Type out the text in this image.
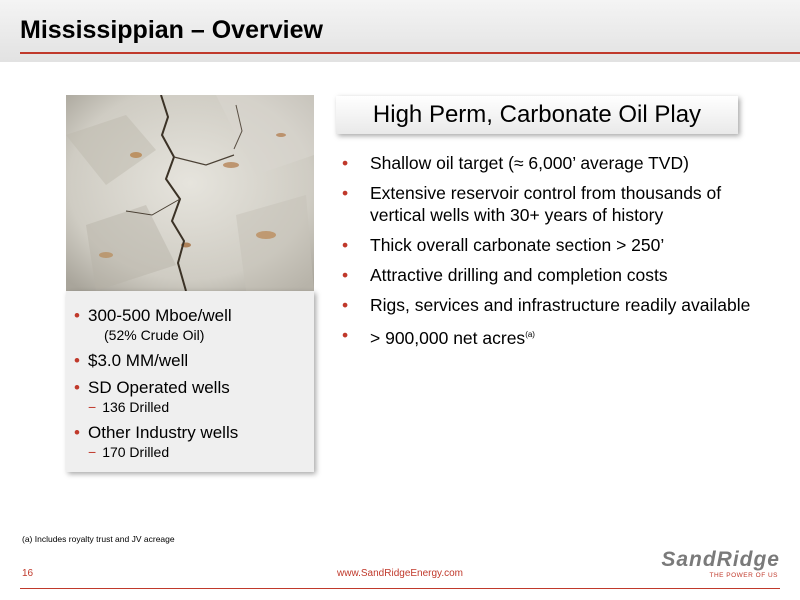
Mississippian – Overview
• 300-500 Mboe/well
(52% Crude Oil)
• $3.0 MM/well
• SD Operated wells
− 136 Drilled
• Other Industry wells
− 170 Drilled
High Perm, Carbonate Oil Play
• Shallow oil target (≈ 6,000’ average TVD)
• Extensive reservoir control from thousands of vertical wells with 30+ years of history
• Thick overall carbonate section > 250’
• Attractive drilling and completion costs
• Rigs, services and infrastructure readily available
• > 900,000 net acres$^{(a)}$
(a) Includes royalty trust and JV acreage
16	www.SandRidgeEnergy.com
SandRidge
THE POWER OF US
